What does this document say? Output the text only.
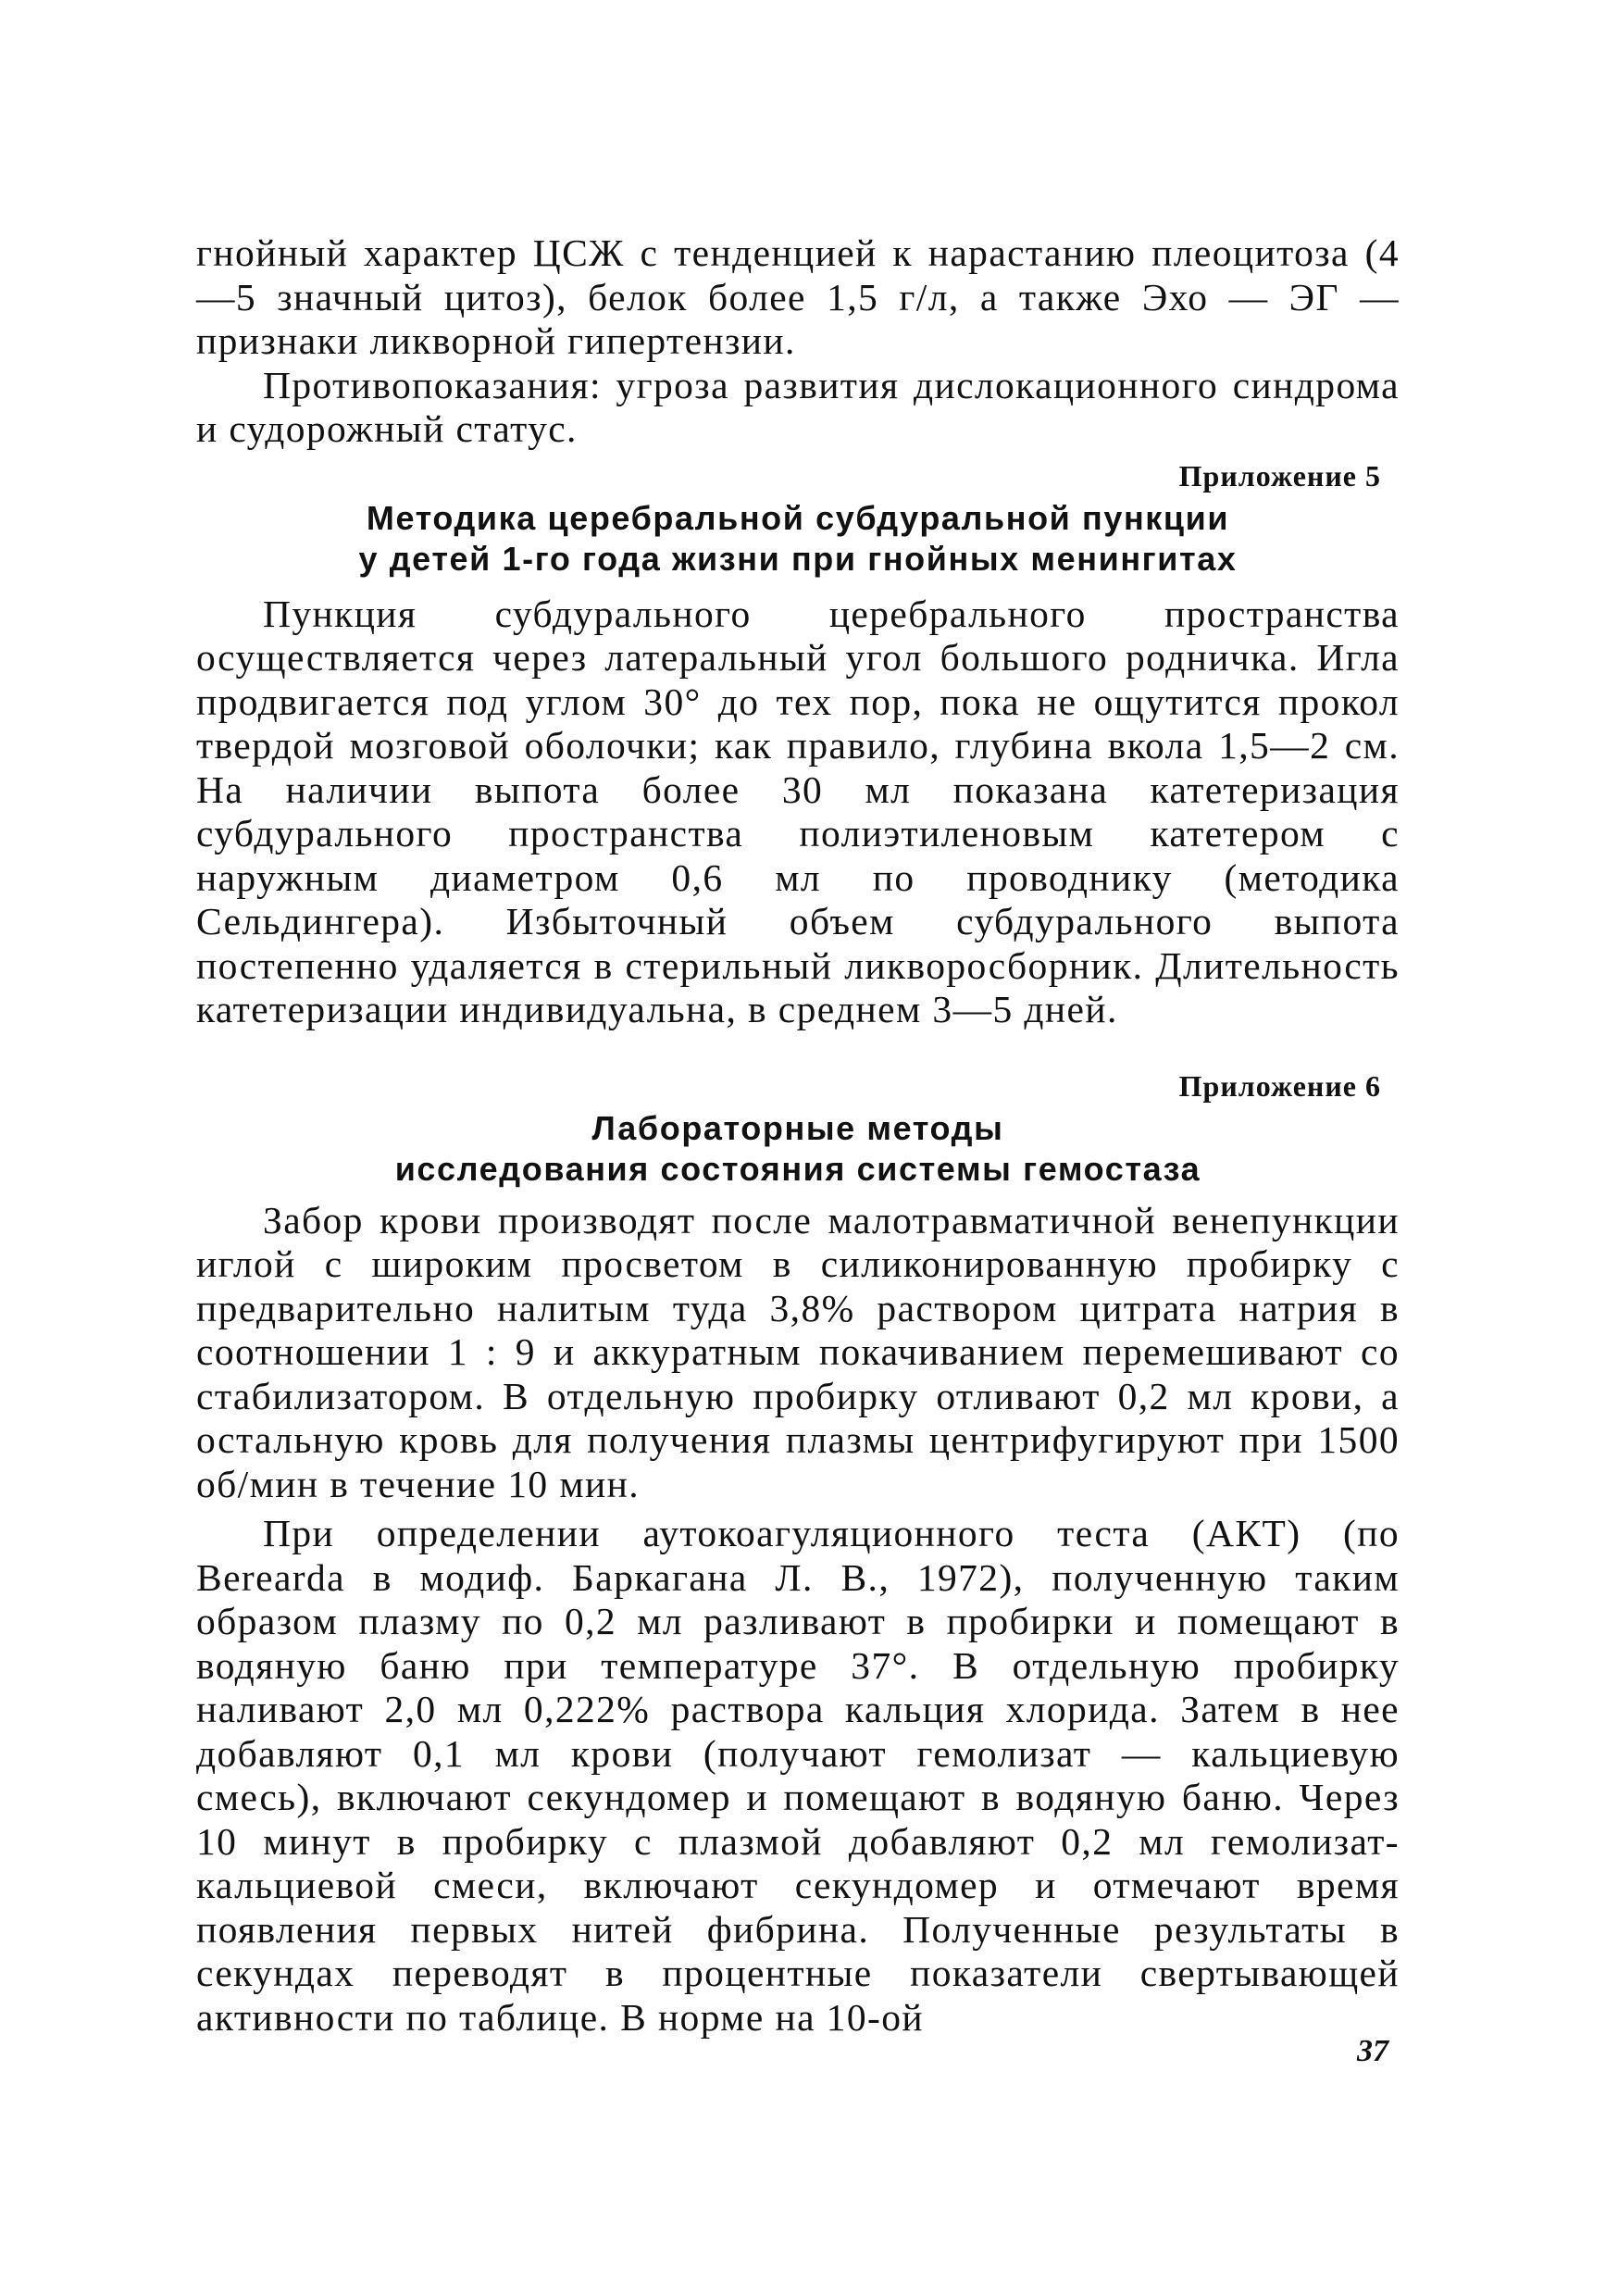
гнойный характер ЦСЖ с тенденцией к нарастанию плеоцитоза (4—5 значный цитоз), белок более 1,5 г/л, а также Эхо — ЭГ — признаки ликворной гипертензии.

Противопоказания: угроза развития дислокационного синдрома и судорожный статус.

Приложение 5
Методика церебральной субдуральной пункции
у детей 1-го года жизни при гнойных менингитах

Пункция субдурального церебрального пространства осуществляется через латеральный угол большого родничка. Игла продвигается под углом 30° до тех пор, пока не ощутится прокол твердой мозговой оболочки; как правило, глубина вкола 1,5—2 см. На наличии выпота более 30 мл показана катетеризация субдурального пространства полиэтиленовым катетером с наружным диаметром 0,6 мл по проводнику (методика Сельдингера). Избыточный объем субдурального выпота постепенно удаляется в стерильный ликворосборник. Длительность катетеризации индивидуальна, в среднем 3—5 дней.

Приложение 6
Лабораторные методы
исследования состояния системы гемостаза

Забор крови производят после малотравматичной венепункции иглой с широким просветом в силиконированную пробирку с предварительно налитым туда 3,8% раствором цитрата натрия в соотношении 1 : 9 и аккуратным покачиванием перемешивают со стабилизатором. В отдельную пробирку отливают 0,2 мл крови, а остальную кровь для получения плазмы центрифугируют при 1500 об/мин в течение 10 мин.

При определении аутокоагуляционного теста (АКТ) (по Berearda в модиф. Баркагана Л. В., 1972), полученную таким образом плазму по 0,2 мл разливают в пробирки и помещают в водяную баню при температуре 37°. В отдельную пробирку наливают 2,0 мл 0,222% раствора кальция хлорида. Затем в нее добавляют 0,1 мл крови (получают гемолизат — кальциевую смесь), включают секундомер и помещают в водяную баню. Через 10 минут в пробирку с плазмой добавляют 0,2 мл гемолизат-кальциевой смеси, включают секундомер и отмечают время появления первых нитей фибрина. Полученные результаты в секундах переводят в процентные показатели свертывающей активности по таблице. В норме на 10-ой

37
